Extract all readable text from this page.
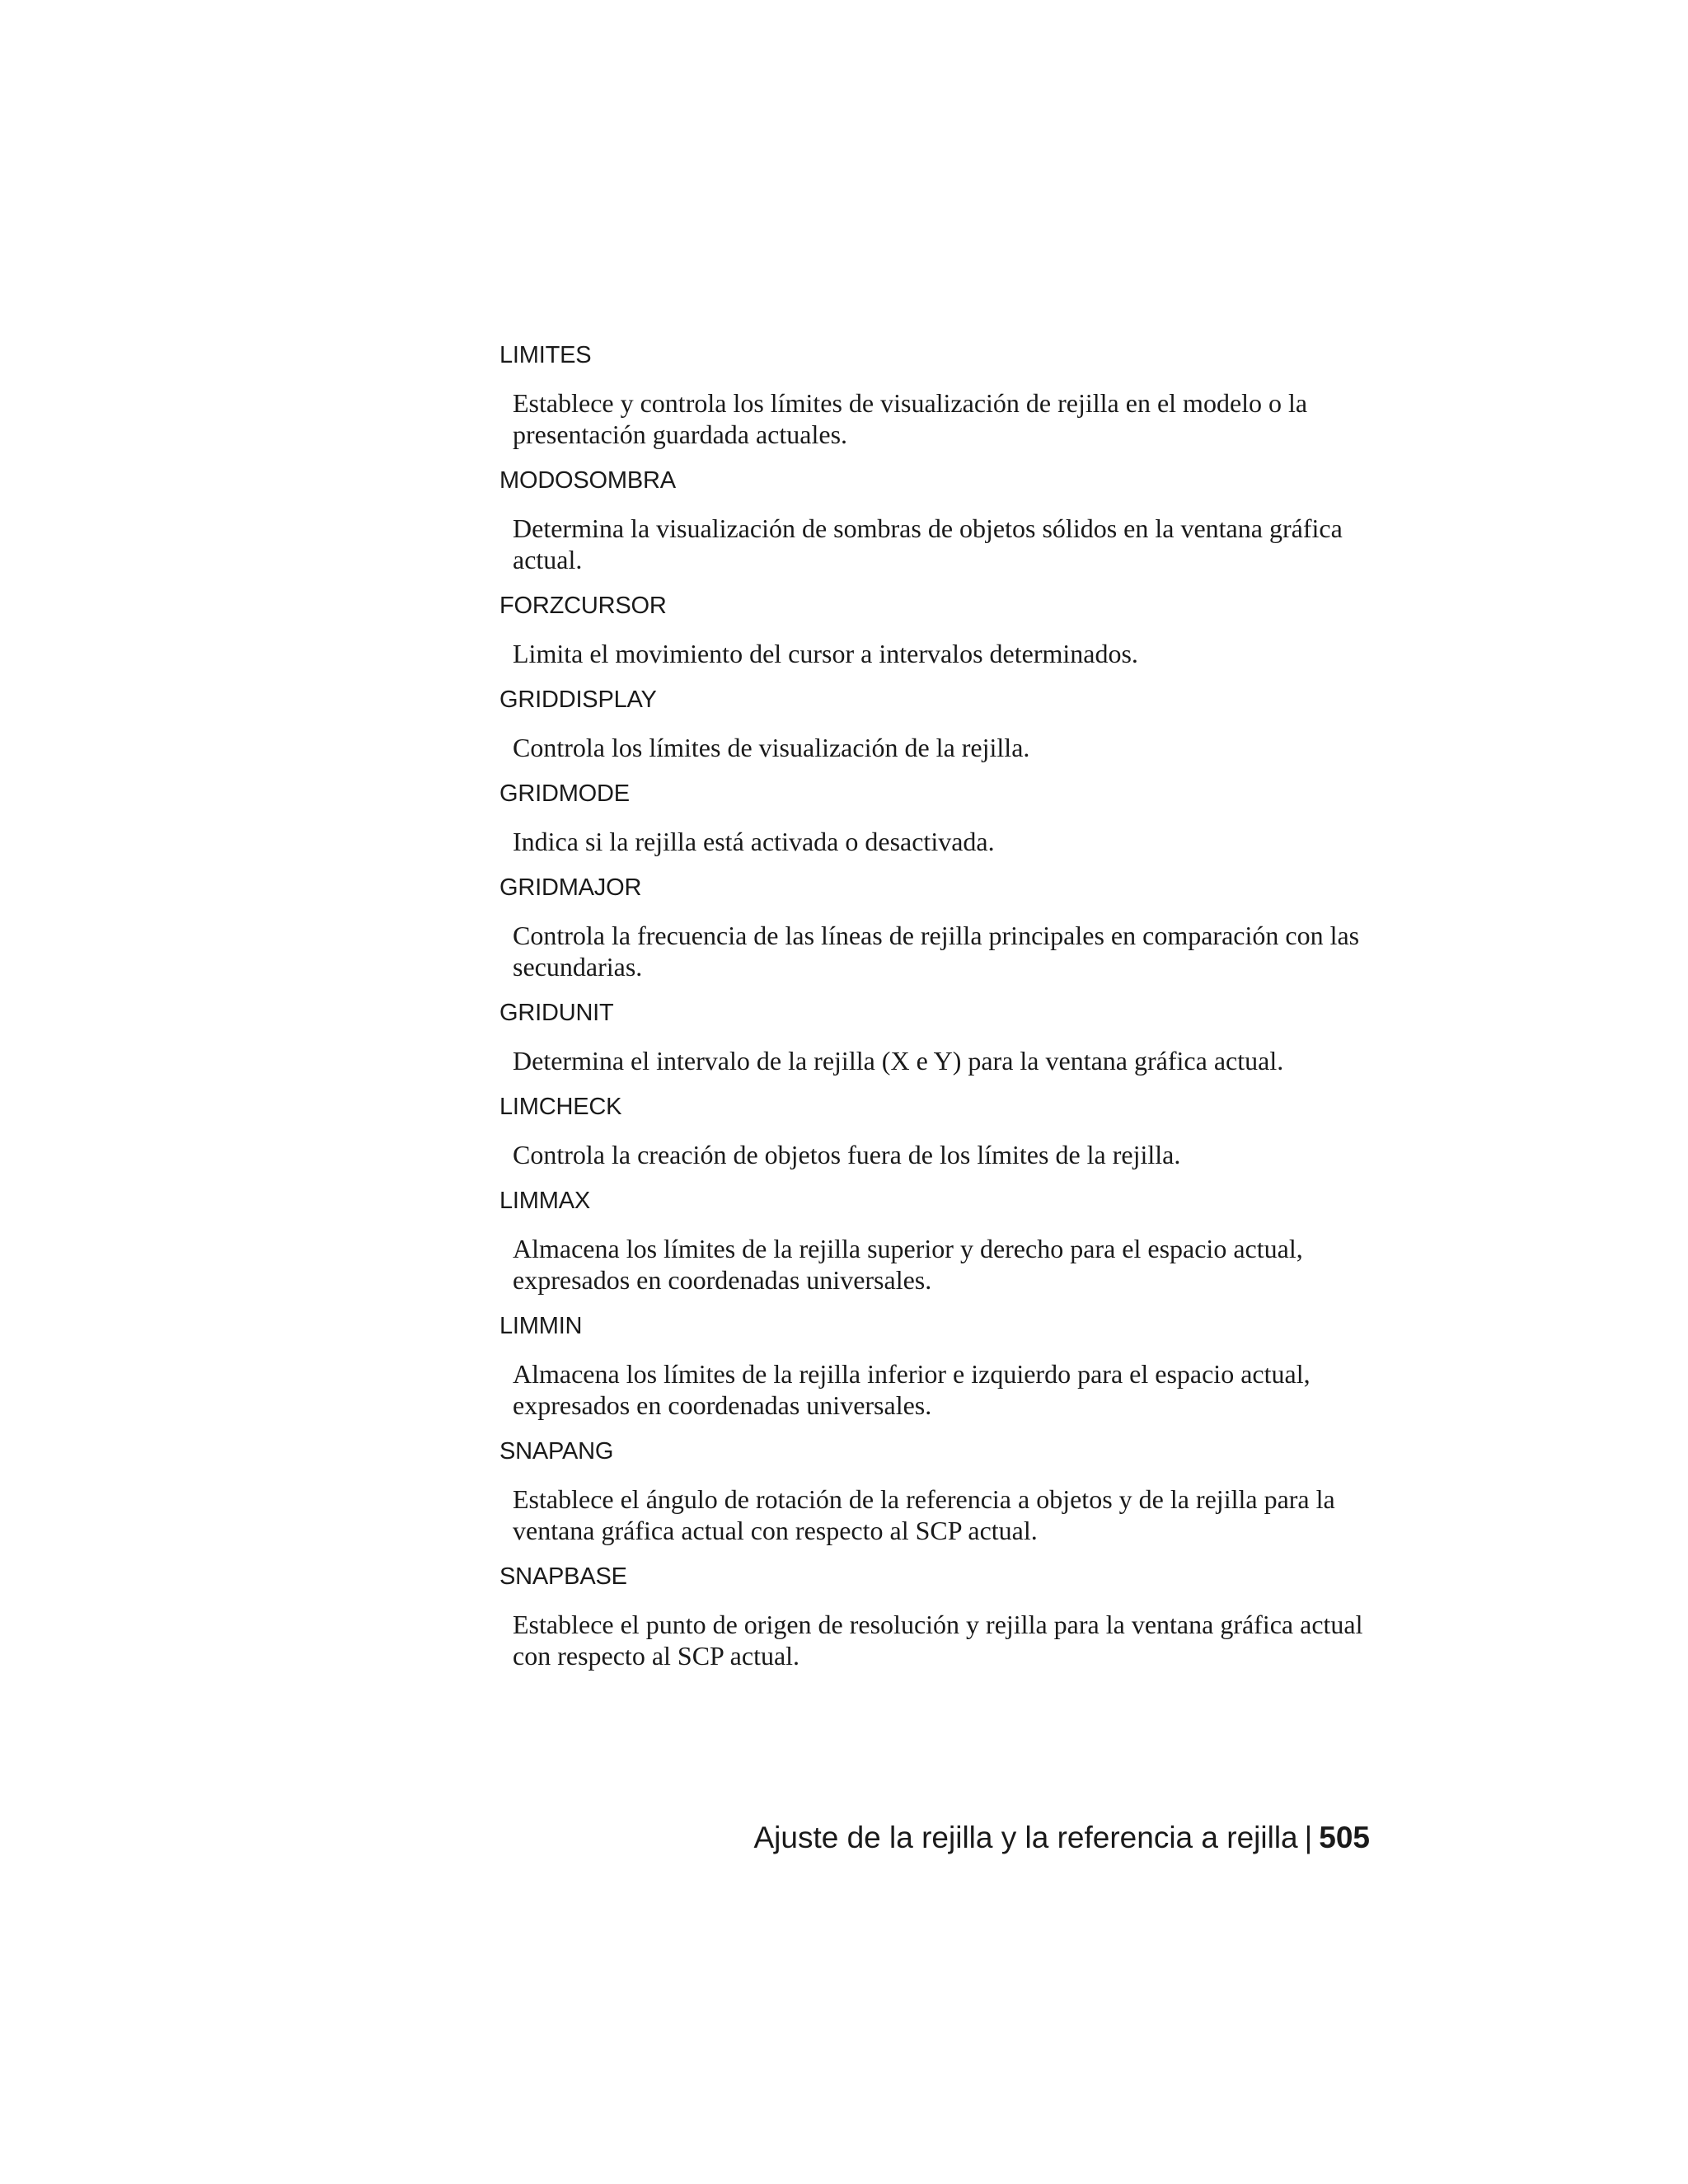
LIMITES
Establece y controla los límites de visualización de rejilla en el modelo o la presentación guardada actuales.
MODOSOMBRA
Determina la visualización de sombras de objetos sólidos en la ventana gráfica actual.
FORZCURSOR
Limita el movimiento del cursor a intervalos determinados.
GRIDDISPLAY
Controla los límites de visualización de la rejilla.
GRIDMODE
Indica si la rejilla está activada o desactivada.
GRIDMAJOR
Controla la frecuencia de las líneas de rejilla principales en comparación con las secundarias.
GRIDUNIT
Determina el intervalo de la rejilla (X e Y) para la ventana gráfica actual.
LIMCHECK
Controla la creación de objetos fuera de los límites de la rejilla.
LIMMAX
Almacena los límites de la rejilla superior y derecho para el espacio actual, expresados en coordenadas universales.
LIMMIN
Almacena los límites de la rejilla inferior e izquierdo para el espacio actual, expresados en coordenadas universales.
SNAPANG
Establece el ángulo de rotación de la referencia a objetos y de la rejilla para la ventana gráfica actual con respecto al SCP actual.
SNAPBASE
Establece el punto de origen de resolución y rejilla para la ventana gráfica actual con respecto al SCP actual.
Ajuste de la rejilla y la referencia a rejilla | 505
